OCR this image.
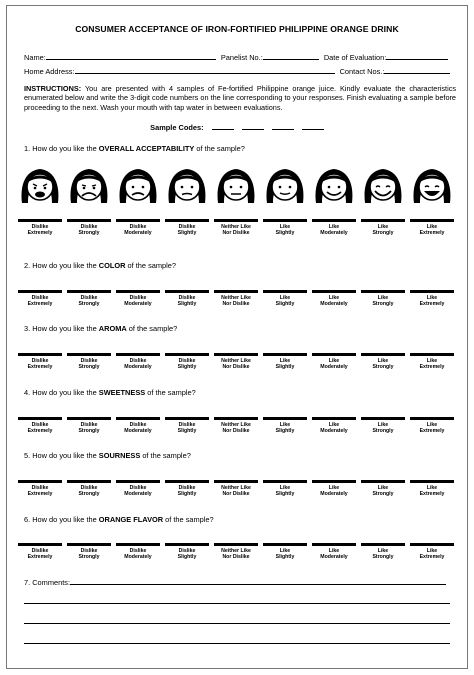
CONSUMER ACCEPTANCE OF IRON-FORTIFIED PHILIPPINE ORANGE DRINK
Name:	Panelist No.:	Date of Evaluation:
Home Address:	Contact Nos.:
INSTRUCTIONS: You are presented with 4 samples of Fe-fortified Philippine orange juice. Kindly evaluate the characteristics enumerated below and write the 3-digit code numbers on the line corresponding to your responses. Finish evaluating a sample before proceeding to the next. Wash your mouth with tap water in between evaluations.
Sample Codes:
1. How do you like the OVERALL ACCEPTABILITY of the sample?
Dislike
Extremely
Dislike
Strongly
Dislike
Moderately
Dislike
Slightly
Neither Like
Nor Dislike
Like
Slightly
Like
Moderately
Like
Strongly
Like
Extremely
Dislike
Extremely
Dislike
Strongly
Dislike
Moderately
Dislike
Slightly
Neither Like
Nor Dislike
Like
Slightly
Like
Moderately
Like
Strongly
Like
Extremely
2. How do you like the COLOR of the sample?
3. How do you like the AROMA of the sample?
Dislike
Extremely
Dislike
Strongly
Dislike
Moderately
Dislike
Slightly
Neither Like
Nor Dislike
Like
Slightly
Like
Moderately
Like
Strongly
Like
Extremely
4. How do you like the SWEETNESS of the sample?
Dislike
Extremely
Dislike
Strongly
Dislike
Moderately
Dislike
Slightly
Neither Like
Nor Dislike
Like
Slightly
Like
Moderately
Like
Strongly
Like
Extremely
5. How do you like the SOURNESS of the sample?
Dislike
Extremely
Dislike
Strongly
Dislike
Moderately
Dislike
Slightly
Neither Like
Nor Dislike
Like
Slightly
Like
Moderately
Like
Strongly
Like
Extremely
6. How do you like the ORANGE FLAVOR of the sample?
Dislike
Extremely
Dislike
Strongly
Dislike
Moderately
Dislike
Slightly
Neither Like
Nor Dislike
Like
Slightly
Like
Moderately
Like
Strongly
Like
Extremely
7. Comments:
